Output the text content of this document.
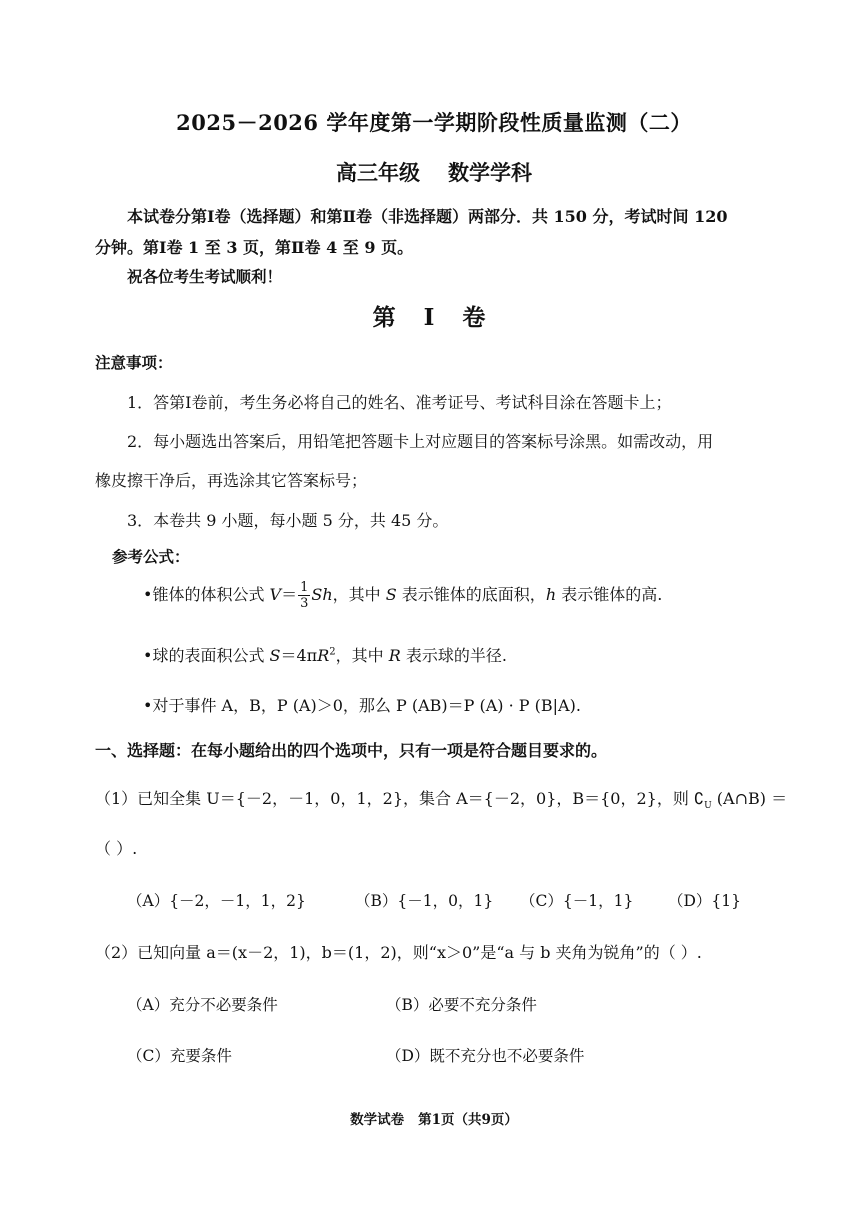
2025－2026 学年度第一学期阶段性质量监测（二）
高三年级 数学学科
本试卷分第Ⅰ卷（选择题）和第Ⅱ卷（非选择题）两部分．共 150 分，考试时间 120
分钟。第Ⅰ卷 1 至 3 页，第Ⅱ卷 4 至 9 页。
祝各位考生考试顺利！
第 Ⅰ 卷
注意事项：
1．答第Ⅰ卷前，考生务必将自己的姓名、准考证号、考试科目涂在答题卡上；
2．每小题选出答案后，用铅笔把答题卡上对应题目的答案标号涂黑。如需改动，用
橡皮擦干净后，再选涂其它答案标号；
3．本卷共 9 小题，每小题 5 分，共 45 分。
参考公式：
•锥体的体积公式 $V= \frac{1}{3}$ Sh，其中 S 表示锥体的底面积，h 表示锥体的高.
•球的表面积公式 $S=4\pi R^2$，其中 R 表示球的半径.
•对于事件 A，B，P (A)＞0，那么 P (AB)＝P (A) · P (B|A).
一、选择题：在每小题给出的四个选项中，只有一项是符合题目要求的。
（1）已知全集 U＝{－2，－1，0，1，2}，集合 A＝{－2，0}，B＝{0，2}，则 $∁_U$ (A∩B) ＝
（ ）.
（A）{－2，－1，1，2}	（B）{－1，0，1} （C）{－1，1} （D）{1}
（2）已知向量 a＝(x－2，1)，b＝(1，2)，则“x＞0”是“a 与 b 夹角为锐角”的（ ）.
（A）充分不必要条件	（B）必要不充分条件
（C）充要条件	（D）既不充分也不必要条件
数学试卷 第1页（共9页）
